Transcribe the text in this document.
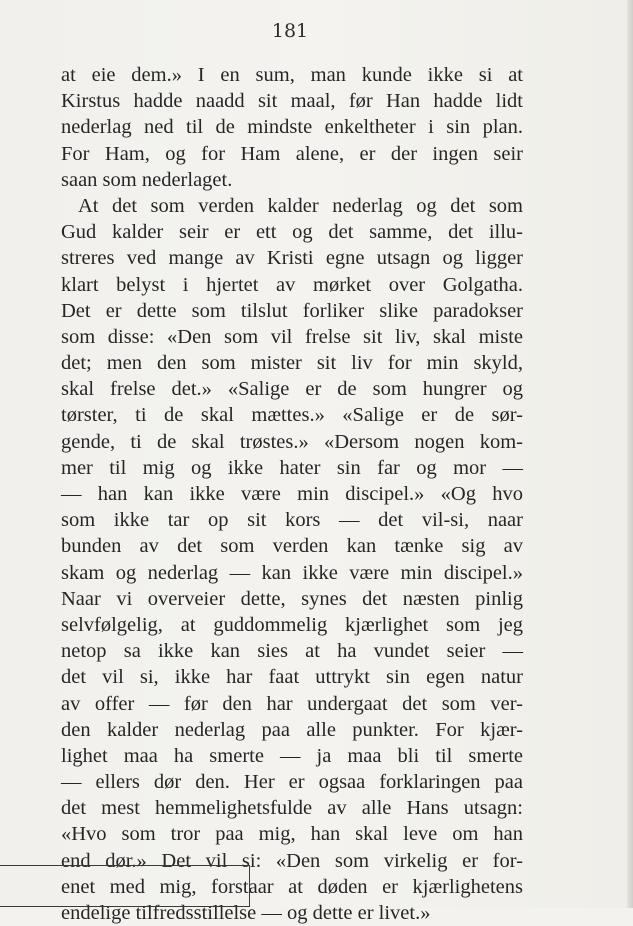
181
at eie dem.» I en sum, man kunde ikke si at
Kirstus hadde naadd sit maal, før Han hadde lidt
nederlag ned til de mindste enkeltheter i sin plan.
For Ham, og for Ham alene, er der ingen seir
saan som nederlaget.
At det som verden kalder nederlag og det som
Gud kalder seir er ett og det samme, det illu-
streres ved mange av Kristi egne utsagn og ligger
klart belyst i hjertet av mørket over Golgatha.
Det er dette som tilslut forliker slike paradokser
som disse: «Den som vil frelse sit liv, skal miste
det; men den som mister sit liv for min skyld,
skal frelse det.» «Salige er de som hungrer og
tørster, ti de skal mættes.» «Salige er de sør-
gende, ti de skal trøstes.» «Dersom nogen kom-
mer til mig og ikke hater sin far og mor —
— han kan ikke være min discipel.» «Og hvo
som ikke tar op sit kors — det vil-si, naar
bunden av det som verden kan tænke sig av
skam og nederlag — kan ikke være min discipel.»
Naar vi overveier dette, synes det næsten pinlig
selvfølgelig, at guddommelig kjærlighet som jeg
netop sa ikke kan sies at ha vundet seier —
det vil si, ikke har faat uttrykt sin egen natur
av offer — før den har undergaat det som ver-
den kalder nederlag paa alle punkter. For kjær-
lighet maa ha smerte — ja maa bli til smerte
— ellers dør den. Her er ogsaa forklaringen paa
det mest hemmelighetsfulde av alle Hans utsagn:
«Hvo som tror paa mig, han skal leve om han
end dør.» Det vil si: «Den som virkelig er for-
enet med mig, forstaar at døden er kjærlighetens
endelige tilfredsstillelse — og dette er livet.»
